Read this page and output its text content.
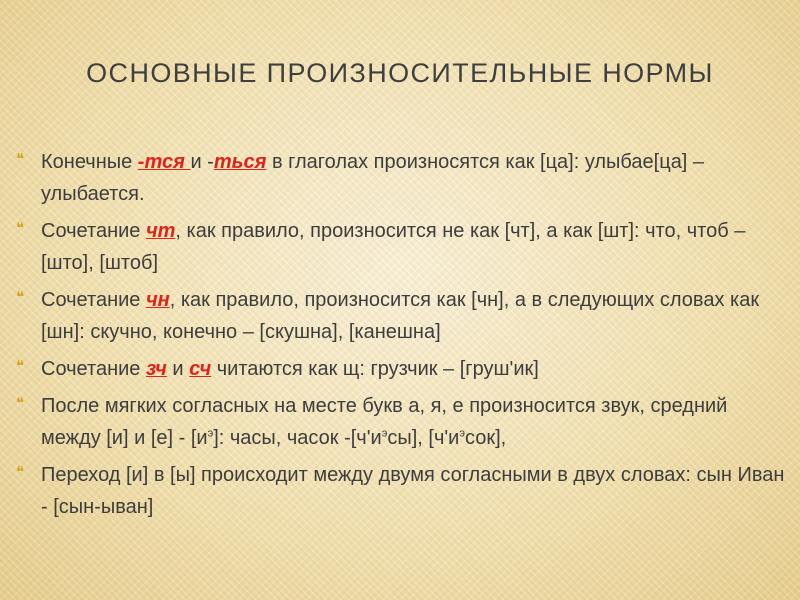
ОСНОВНЫЕ ПРОИЗНОСИТЕЛЬНЫЕ НОРМЫ
❝ Конечные -тся и -ться в глаголах произносятся как [ца]: улыбае[ца] – улыбается.
❝ Сочетание чт, как правило, произносится не как [чт], а как [шт]: что, чтоб – [што], [штоб]
❝ Сочетание чн, как правило, произносится как [чн], а в следующих словах как [шн]: скучно, конечно – [скушна], [канешна]
❝ Сочетание зч и сч читаются как щ: грузчик – [груш'ик]
❝ После мягких согласных на месте букв а, я, е произносится звук, средний между [и] и $[е] - [и^э]$: часы, часок $-[ч'и^эсы]$, $[ч'и^эсок]$,
❝ Переход [и] в [ы] происходит между двумя согласными в двух словах: сын Иван - [сын-ыван]
